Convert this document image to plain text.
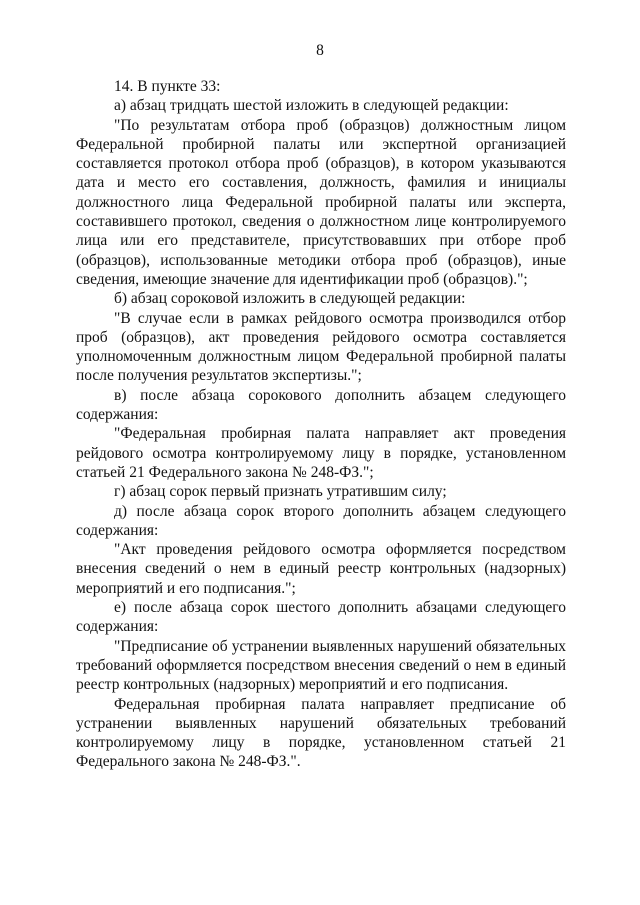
8

14. В пункте 33:

а) абзац тридцать шестой изложить в следующей редакции:

"По результатам отбора проб (образцов) должностным лицом Федеральной пробирной палаты или экспертной организацией составляется протокол отбора проб (образцов), в котором указываются дата и место его составления, должность, фамилия и инициалы должностного лица Федеральной пробирной палаты или эксперта, составившего протокол, сведения о должностном лице контролируемого лица или его представителе, присутствовавших при отборе проб (образцов), использованные методики отбора проб (образцов), иные сведения, имеющие значение для идентификации проб (образцов).";

б) абзац сороковой изложить в следующей редакции:

"В случае если в рамках рейдового осмотра производился отбор проб (образцов), акт проведения рейдового осмотра составляется уполномоченным должностным лицом Федеральной пробирной палаты после получения результатов экспертизы.";

в) после абзаца сорокового дополнить абзацем следующего содержания:

"Федеральная пробирная палата направляет акт проведения рейдового осмотра контролируемому лицу в порядке, установленном статьей 21 Федерального закона № 248-ФЗ.";

г) абзац сорок первый признать утратившим силу;

д) после абзаца сорок второго дополнить абзацем следующего содержания:

"Акт проведения рейдового осмотра оформляется посредством внесения сведений о нем в единый реестр контрольных (надзорных) мероприятий и его подписания.";

е) после абзаца сорок шестого дополнить абзацами следующего содержания:

"Предписание об устранении выявленных нарушений обязательных требований оформляется посредством внесения сведений о нем в единый реестр контрольных (надзорных) мероприятий и его подписания.

Федеральная пробирная палата направляет предписание об устранении выявленных нарушений обязательных требований контролируемому лицу в порядке, установленном статьей 21 Федерального закона № 248-ФЗ.".
